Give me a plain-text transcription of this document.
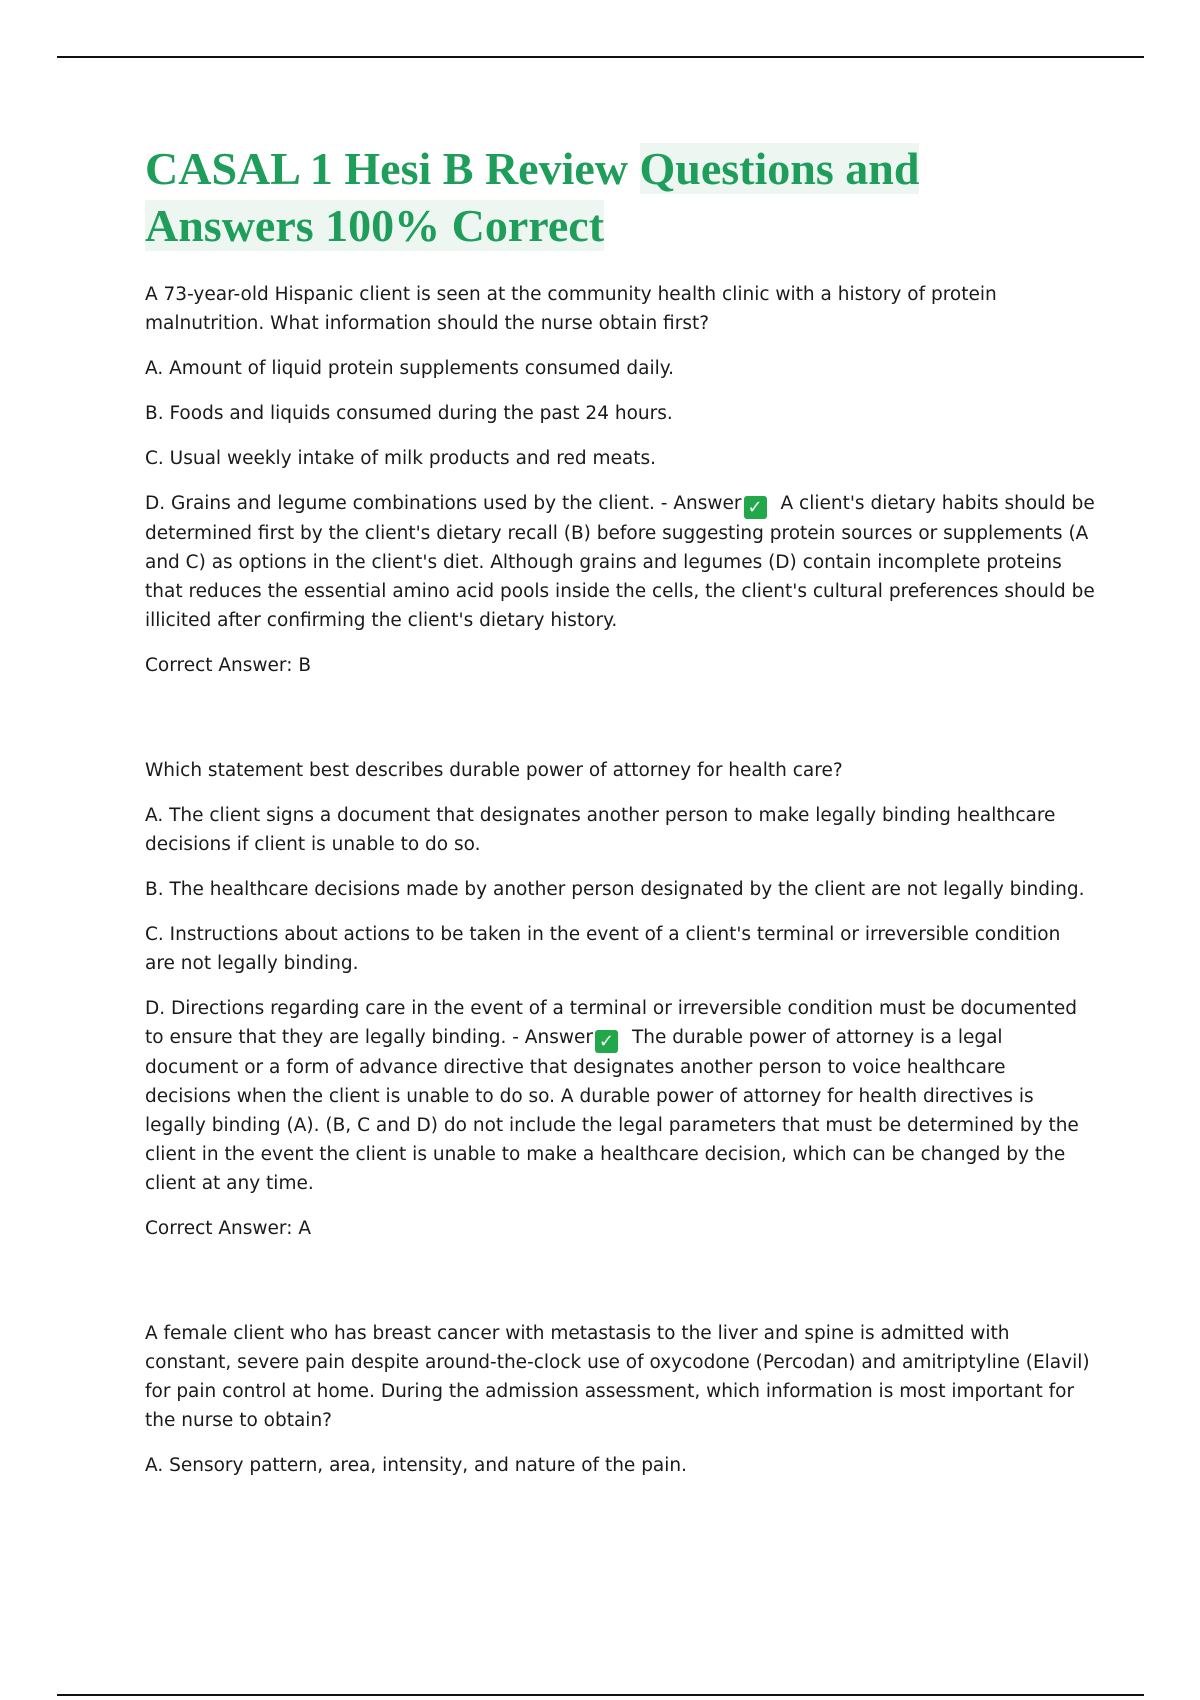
CASAL 1 Hesi B Review Questions and
Answers 100% Correct

A 73-year-old Hispanic client is seen at the community health clinic with a history of protein malnutrition. What information should the nurse obtain first?

A. Amount of liquid protein supplements consumed daily.

B. Foods and liquids consumed during the past 24 hours.

C. Usual weekly intake of milk products and red meats.

D. Grains and legume combinations used by the client. - Answer ✓ A client's dietary habits should be determined first by the client's dietary recall (B) before suggesting protein sources or supplements (A and C) as options in the client's diet. Although grains and legumes (D) contain incomplete proteins that reduces the essential amino acid pools inside the cells, the client's cultural preferences should be illicited after confirming the client's dietary history.

Correct Answer: B

Which statement best describes durable power of attorney for health care?

A. The client signs a document that designates another person to make legally binding healthcare decisions if client is unable to do so.

B. The healthcare decisions made by another person designated by the client are not legally binding.

C. Instructions about actions to be taken in the event of a client's terminal or irreversible condition are not legally binding.

D. Directions regarding care in the event of a terminal or irreversible condition must be documented to ensure that they are legally binding. - Answer ✓ The durable power of attorney is a legal document or a form of advance directive that designates another person to voice healthcare decisions when the client is unable to do so. A durable power of attorney for health directives is legally binding (A). (B, C and D) do not include the legal parameters that must be determined by the client in the event the client is unable to make a healthcare decision, which can be changed by the client at any time.

Correct Answer: A

A female client who has breast cancer with metastasis to the liver and spine is admitted with constant, severe pain despite around-the-clock use of oxycodone (Percodan) and amitriptyline (Elavil) for pain control at home. During the admission assessment, which information is most important for the nurse to obtain?

A. Sensory pattern, area, intensity, and nature of the pain.
